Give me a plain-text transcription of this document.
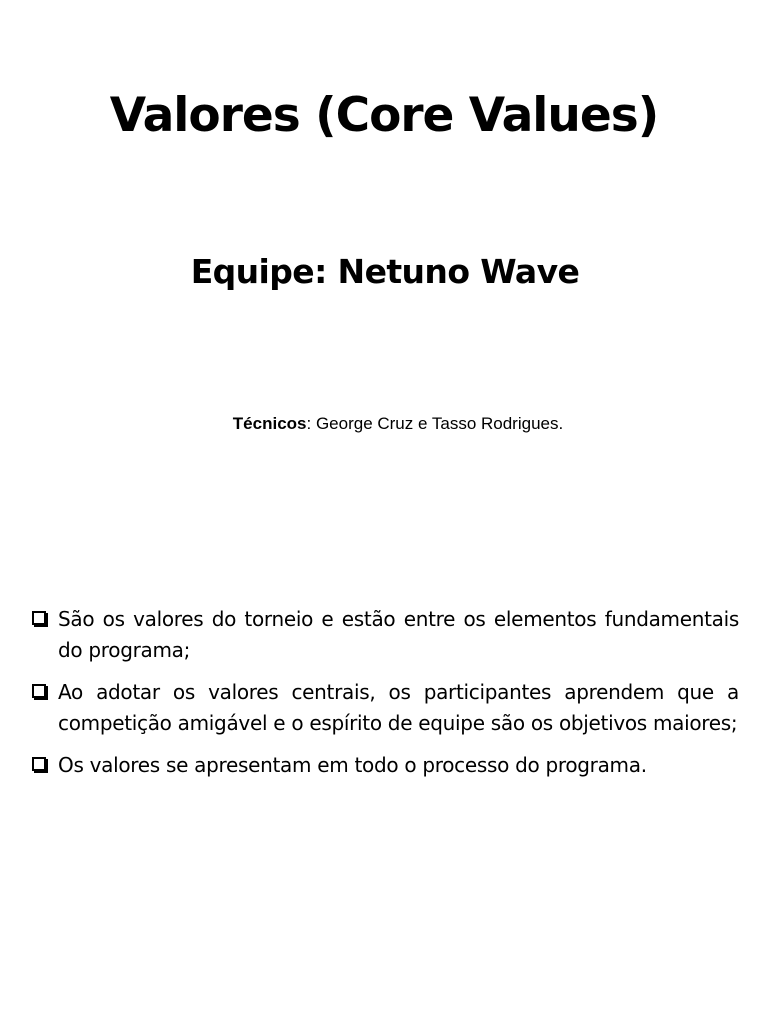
Valores (Core Values)
Equipe: Netuno Wave

Técnicos: George Cruz e Tasso Rodrigues.

São os valores do torneio e estão entre os elementos fundamentais do programa;
Ao adotar os valores centrais, os participantes aprendem que a competição amigável e o espírito de equipe são os objetivos maiores;
Os valores se apresentam em todo o processo do programa.
